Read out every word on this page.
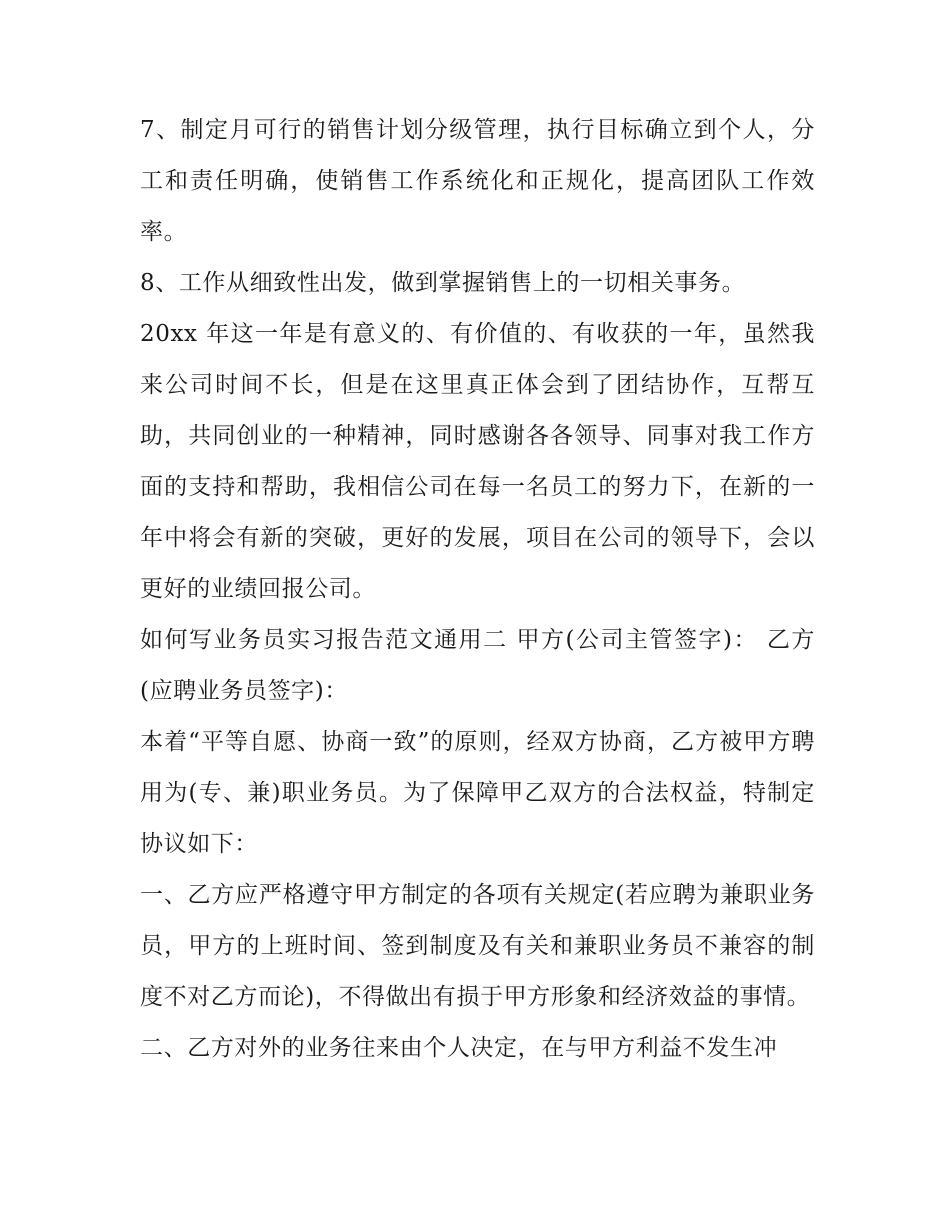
7、制定月可行的销售计划分级管理，执行目标确立到个人，分工和责任明确，使销售工作系统化和正规化，提高团队工作效率。

8、工作从细致性出发，做到掌握销售上的一切相关事务。

20xx 年这一年是有意义的、有价值的、有收获的一年，虽然我来公司时间不长，但是在这里真正体会到了团结协作，互帮互助，共同创业的一种精神，同时感谢各各领导、同事对我工作方面的支持和帮助，我相信公司在每一名员工的努力下，在新的一年中将会有新的突破，更好的发展，项目在公司的领导下，会以更好的业绩回报公司。

如何写业务员实习报告范文通用二 甲方(公司主管签字)： 乙方(应聘业务员签字)：

本着“平等自愿、协商一致”的原则，经双方协商，乙方被甲方聘用为(专、兼)职业务员。为了保障甲乙双方的合法权益，特制定协议如下：

一、乙方应严格遵守甲方制定的各项有关规定(若应聘为兼职业务员，甲方的上班时间、签到制度及有关和兼职业务员不兼容的制度不对乙方而论)，不得做出有损于甲方形象和经济效益的事情。

二、乙方对外的业务往来由个人决定，在与甲方利益不发生冲
